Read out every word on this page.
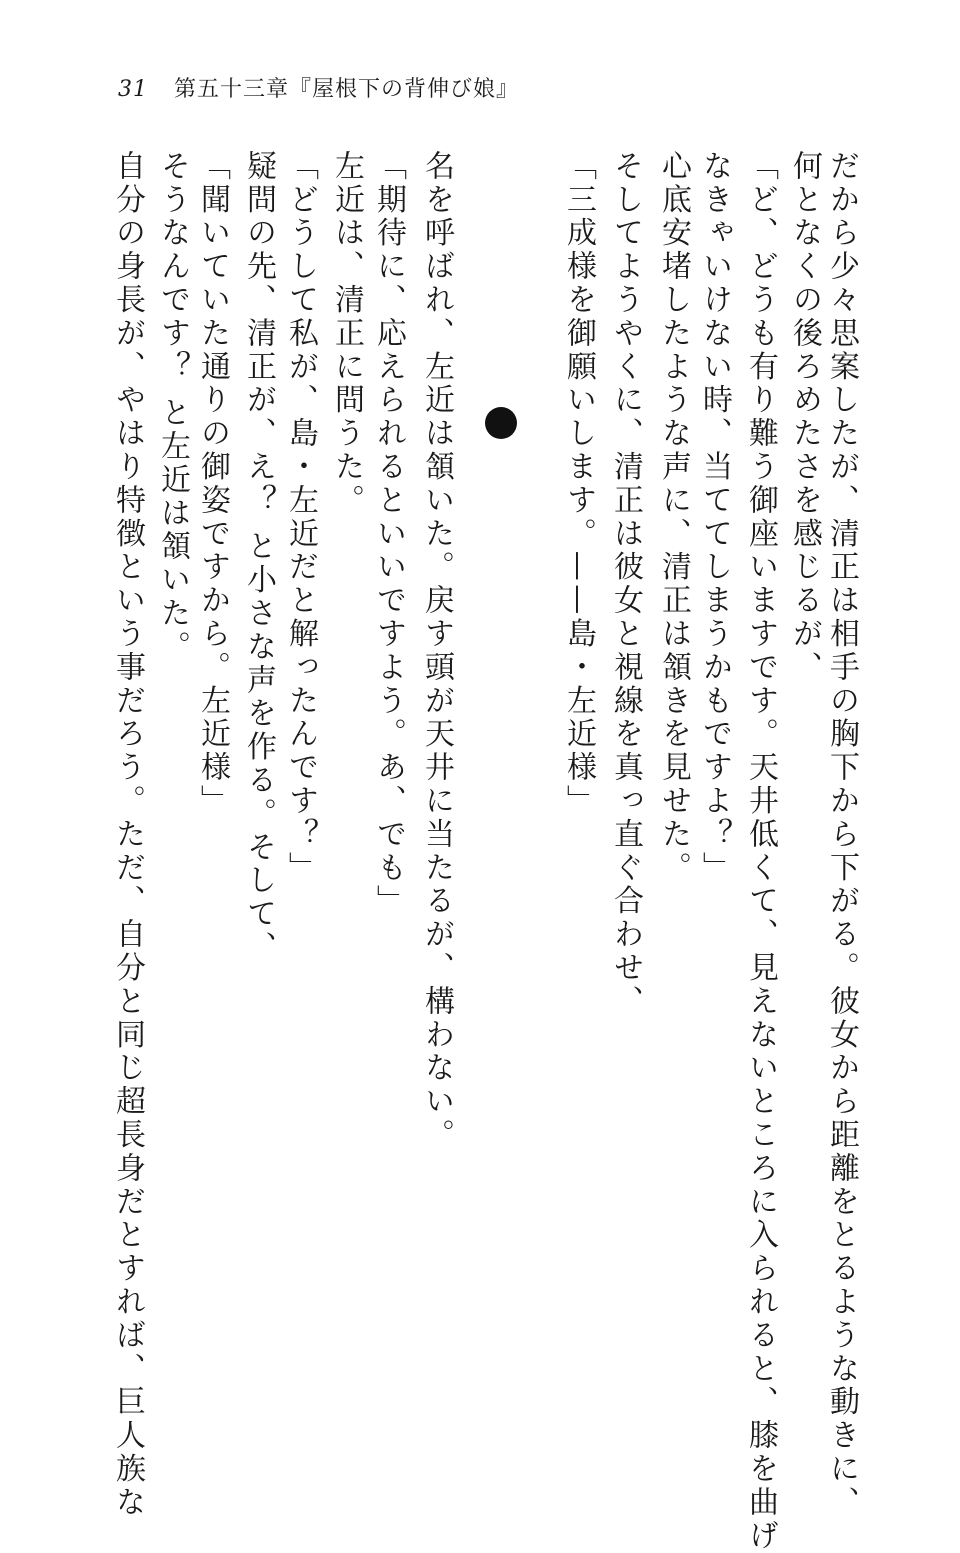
31 第五十三章『屋根下の背伸び娘』
だから少々思案したが、清正は相手の胸下から下がる。彼女から距離をとるような動きに、
何となくの後ろめたさを感じるが、
「ど、どうも有り難う御座いますです。天井低くて、見えないところに入られると、膝を曲げ
なきゃいけない時、当ててしまうかもですよ？」
心底安堵したような声に、清正は頷きを見せた。
そしてようやくに、清正は彼女と視線を真っ直ぐ合わせ、
「三成様を御願いします。——島・左近様」
名を呼ばれ、左近は頷いた。戻す頭が天井に当たるが、構わない。
「期待に、応えられるといいですよう。あ、でも」
左近は、清正に問うた。
「どうして私が、島・左近だと解ったんです？」
疑問の先、清正が、え？ と小さな声を作る。そして、
「聞いていた通りの御姿ですから。左近様」
そうなんです？ と左近は頷いた。
自分の身長が、やはり特徴という事だろう。ただ、自分と同じ超長身だとすれば、巨人族な
